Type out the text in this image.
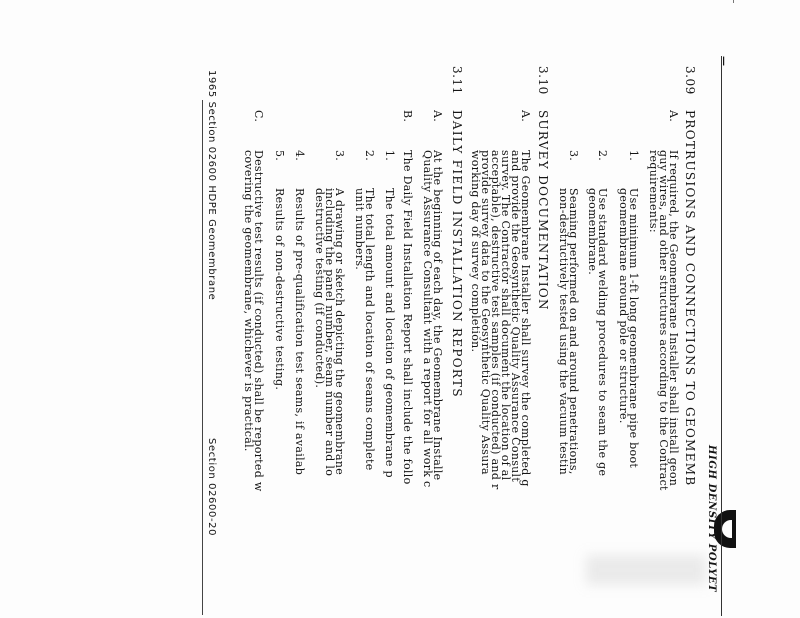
HIGH DENSITY POLYET
—
3.09
PROTRUSIONS AND CONNECTIONS TO GEOMEMB
A.
If required, the Geomembrane Installer shall install geon
guy wires, and other structures according to the Contract
requirements:
1.
Use minimum 1-ft long geomembrane pipe boot
geomembrane around pole or structure.
2.
Use standard welding procedures to seam the ge
geomembrane.
3.
Seaming performed on and around penetrations,
non-destructively tested using the vacuum testin
3.10
SURVEY DOCUMENTATION
A.
The Geomembrane Installer shall survey the completed g
and provide the Geosynthetic Quality Assurance Consult
survey. The Contractor shall document the location of al
acceptable), destructive test samples (if conducted) and r
provide survey data to the Geosynthetic Quality Assura
working day of survey completion.
3.11
DAILY FIELD INSTALLATION REPORTS
A.
At the beginning of each day, the Geomembrane Installe
Quality Assurance Consultant with a report for all work c
B.
The Daily Field Installation Report shall include the follo
1.
The total amount and location of geomembrane p
2.
The total length and location of seams complete
unit numbers.
3.
A drawing or sketch depicting the geomembrane
including the panel number, seam number and lo
destructive testing (if conducted).
4.
Results of pre-qualification test seams, if availab
5.
Results of non-destructive testing.
C.
Destructive test results (if conducted) shall be reported w
covering the geomembrane, whichever is practical.
1965 Section 02600 HDPE Geomembrane
Section 02600-20
